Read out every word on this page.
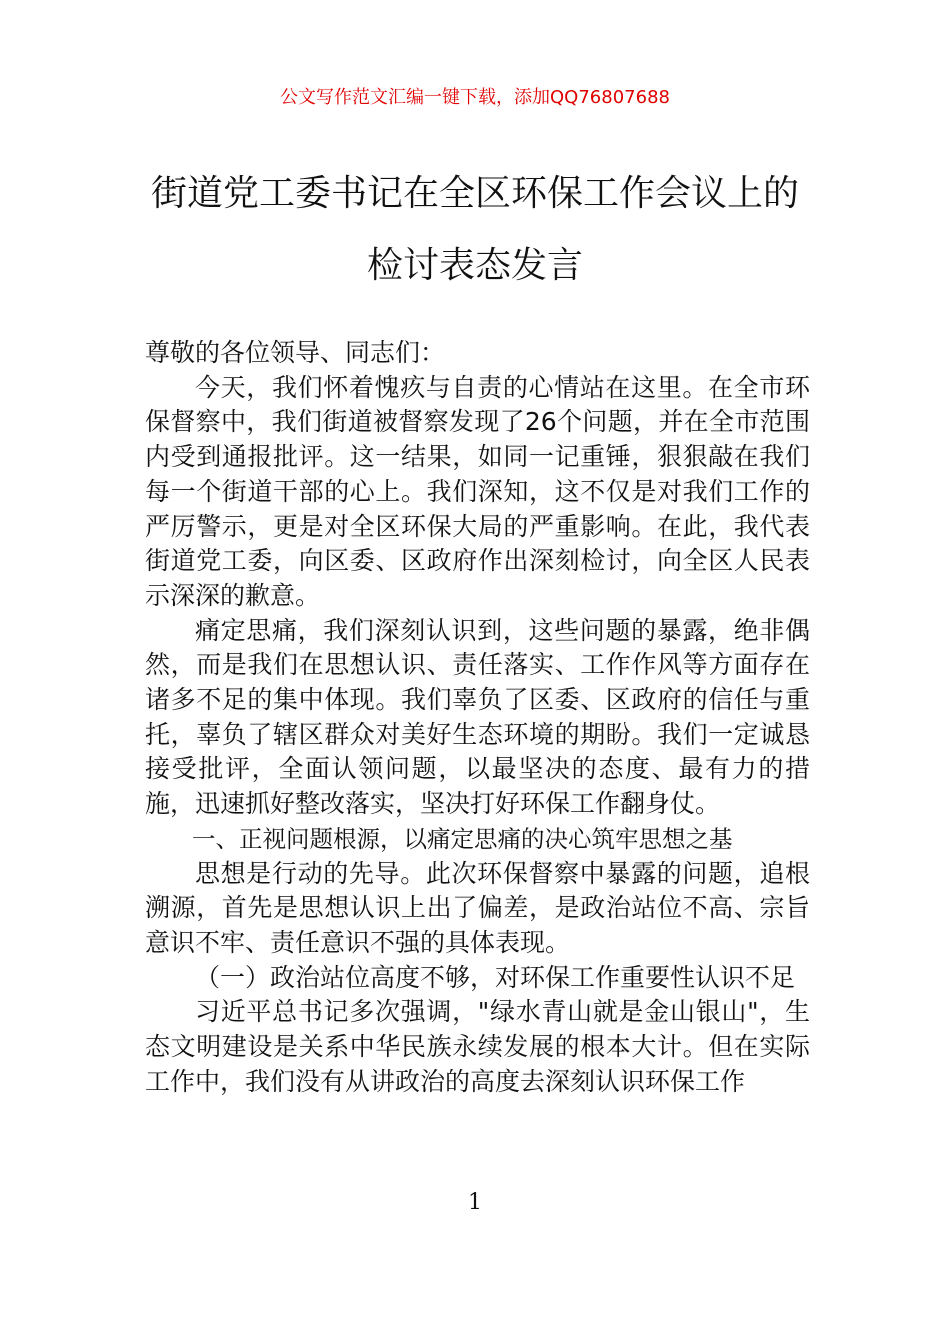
公文写作范文汇编一键下载，添加QQ76807688
街道党工委书记在全区环保工作会议上的
检讨表态发言

尊敬的各位领导、同志们：

今天，我们怀着愧疚与自责的心情站在这里。在全市环保督察中，我们街道被督察发现了26个问题，并在全市范围内受到通报批评。这一结果，如同一记重锤，狠狠敲在我们每一个街道干部的心上。我们深知，这不仅是对我们工作的严厉警示，更是对全区环保大局的严重影响。在此，我代表街道党工委，向区委、区政府作出深刻检讨，向全区人民表示深深的歉意。

痛定思痛，我们深刻认识到，这些问题的暴露，绝非偶然，而是我们在思想认识、责任落实、工作作风等方面存在诸多不足的集中体现。我们辜负了区委、区政府的信任与重托，辜负了辖区群众对美好生态环境的期盼。我们一定诚恳接受批评，全面认领问题，以最坚决的态度、最有力的措施，迅速抓好整改落实，坚决打好环保工作翻身仗。

一、正视问题根源，以痛定思痛的决心筑牢思想之基

思想是行动的先导。此次环保督察中暴露的问题，追根溯源，首先是思想认识上出了偏差，是政治站位不高、宗旨意识不牢、责任意识不强的具体表现。

（一）政治站位高度不够，对环保工作重要性认识不足

习近平总书记多次强调，"绿水青山就是金山银山"，生态文明建设是关系中华民族永续发展的根本大计。但在实际工作中，我们没有从讲政治的高度去深刻认识环保工作

1
